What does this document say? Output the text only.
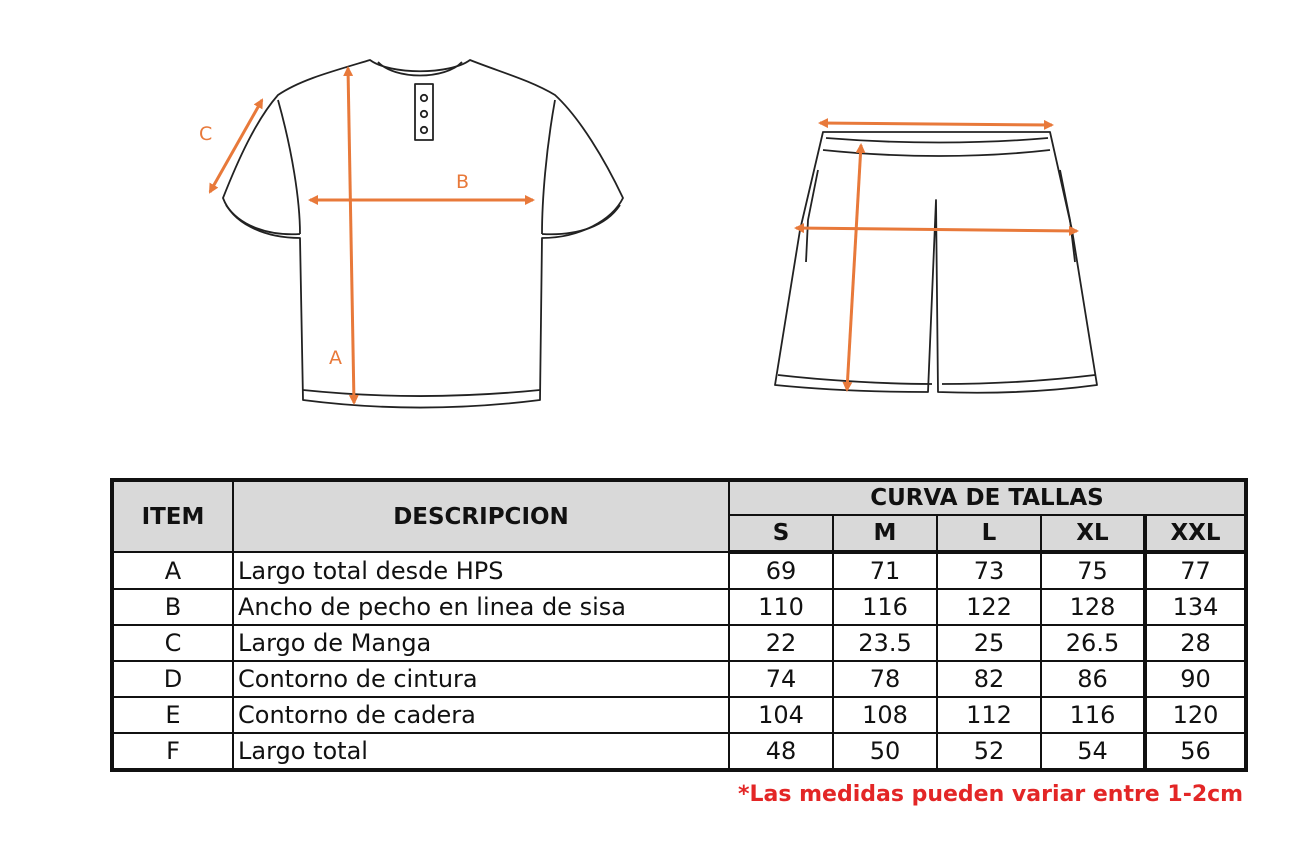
A
B
C
ITEM	DESCRIPCION	CURVA DE TALLAS				
		S	M	L	XL	XXL
A	Largo total desde HPS	69	71	73	75	77
B	Ancho de pecho en linea de sisa	110	116	122	128	134
C	Largo de Manga	22	23.5	25	26.5	28
D	Contorno de cintura	74	78	82	86	90
E	Contorno de cadera	104	108	112	116	120
F	Largo total	48	50	52	54	56
*Las medidas pueden variar entre 1-2cm
